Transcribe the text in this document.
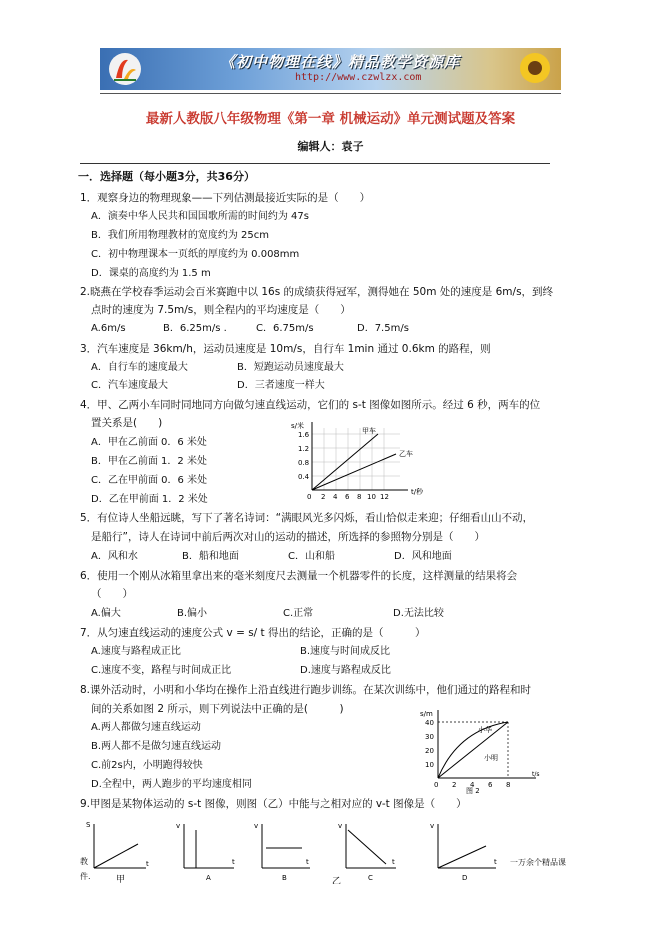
《初中物理在线》精品教学资源库
http://www.czwlzx.com
最新人教版八年级物理《第一章 机械运动》单元测试题及答案
编辑人：袁子
一．选择题（每小题3分，共36分）
1．观察身边的物理现象——下列估测最接近实际的是（　　）
A．演奏中华人民共和国国歌所需的时间约为 47s
B．我们所用物理教材的宽度约为 25cm
C．初中物理课本一页纸的厚度约为 0.008mm
D．课桌的高度约为 1.5 m
2.晓燕在学校春季运动会百米赛跑中以 16s 的成绩获得冠军，测得她在 50m 处的速度是 6m/s，到终
点时的速度为 7.5m/s，则全程内的平均速度是（　　）
A.6m/s	B．6.25m/s .	C．6.75m/s	D．7.5m/s
3．汽车速度是 36km/h，运动员速度是 10m/s，自行车 1min 通过 0.6km 的路程，则
A．自行车的速度最大	B．短跑运动员速度最大
C．汽车速度最大	D．三者速度一样大
4．甲、乙两小车同时同地同方向做匀速直线运动，它们的 s-t 图像如图所示。经过 6 秒，两车的位
置关系是(　　)
A．甲在乙前面 0．6 米处
B．甲在乙前面 1．2 米处
C．乙在甲前面 0．6 米处
D．乙在甲前面 1．2 米处
s/米
t/秒
甲车
乙车
1.6
1.2
0.8
0.4
0 2 4 6 8 10 12
5．有位诗人坐船远眺，写下了著名诗词：“满眼风光多闪烁，看山恰似走来迎；仔细看山山不动，
是船行”，诗人在诗词中前后两次对山的运动的描述，所选择的参照物分别是（　　）
A．风和水	B．船和地面	C．山和船	D．风和地面
6．使用一个刚从冰箱里拿出来的毫米刻度尺去测量一个机器零件的长度，这样测量的结果将会
（　　）
A.偏大	B.偏小	C.正常	D.无法比较
7．从匀速直线运动的速度公式 v = s/ t 得出的结论，正确的是（　　　）
A.速度与路程成正比	B.速度与时间成反比
C.速度不变，路程与时间成正比	D.速度与路程成反比
8.课外活动时，小明和小华均在操作上沿直线进行跑步训练。在某次训练中，他们通过的路程和时
间的关系如图 2 所示，则下列说法中正确的是(　　　)
A.两人都做匀速直线运动
B.两人都不是做匀速直线运动
C.前2s内，小明跑得较快
D.全程中，两人跑步的平均速度相同
s/m
t/s
小华
小明
40
30
20
10
0 2 4 6 8
图 2
9.甲图是某物体运动的 s-t 图像，则图（乙）中能与之相对应的 v-t 图像是（　　）
S
t
v
t
v
t
v
t
v
t
甲	A	B	C	D
乙
教
件.
一万余个精品课
